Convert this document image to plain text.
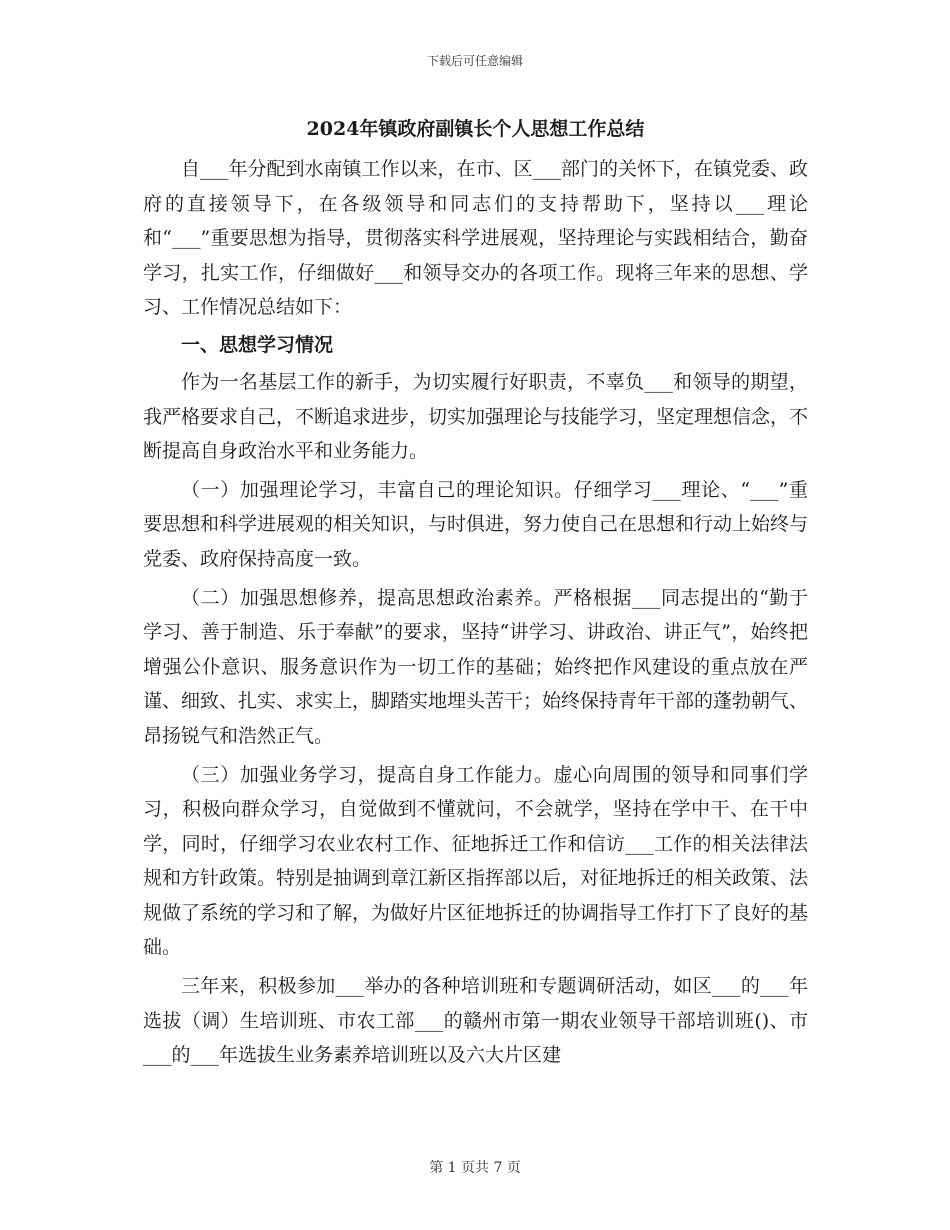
下载后可任意编辑
2024年镇政府副镇长个人思想工作总结

自___年分配到水南镇工作以来，在市、区___部门的关怀下，在镇党委、政府的直接领导下，在各级领导和同志们的支持帮助下，坚持以___理论和“___”重要思想为指导，贯彻落实科学进展观，坚持理论与实践相结合，勤奋学习，扎实工作，仔细做好___和领导交办的各项工作。现将三年来的思想、学习、工作情况总结如下：

一、思想学习情况

作为一名基层工作的新手，为切实履行好职责，不辜负___和领导的期望，我严格要求自己，不断追求进步，切实加强理论与技能学习，坚定理想信念，不断提高自身政治水平和业务能力。

（一）加强理论学习，丰富自己的理论知识。仔细学习___理论、“___”重要思想和科学进展观的相关知识，与时俱进，努力使自己在思想和行动上始终与党委、政府保持高度一致。

（二）加强思想修养，提高思想政治素养。严格根据___同志提出的“勤于学习、善于制造、乐于奉献”的要求，坚持“讲学习、讲政治、讲正气”，始终把增强公仆意识、服务意识作为一切工作的基础；始终把作风建设的重点放在严谨、细致、扎实、求实上，脚踏实地埋头苦干；始终保持青年干部的蓬勃朝气、昂扬锐气和浩然正气。

（三）加强业务学习，提高自身工作能力。虚心向周围的领导和同事们学习，积极向群众学习，自觉做到不懂就问，不会就学，坚持在学中干、在干中学，同时，仔细学习农业农村工作、征地拆迁工作和信访___工作的相关法律法规和方针政策。特别是抽调到章江新区指挥部以后，对征地拆迁的相关政策、法规做了系统的学习和了解，为做好片区征地拆迁的协调指导工作打下了良好的基础。

三年来，积极参加___举办的各种培训班和专题调研活动，如区___的___年选拔（调）生培训班、市农工部___的赣州市第一期农业领导干部培训班()、市___的___年选拔生业务素养培训班以及六大片区建

第 1 页共 7 页
